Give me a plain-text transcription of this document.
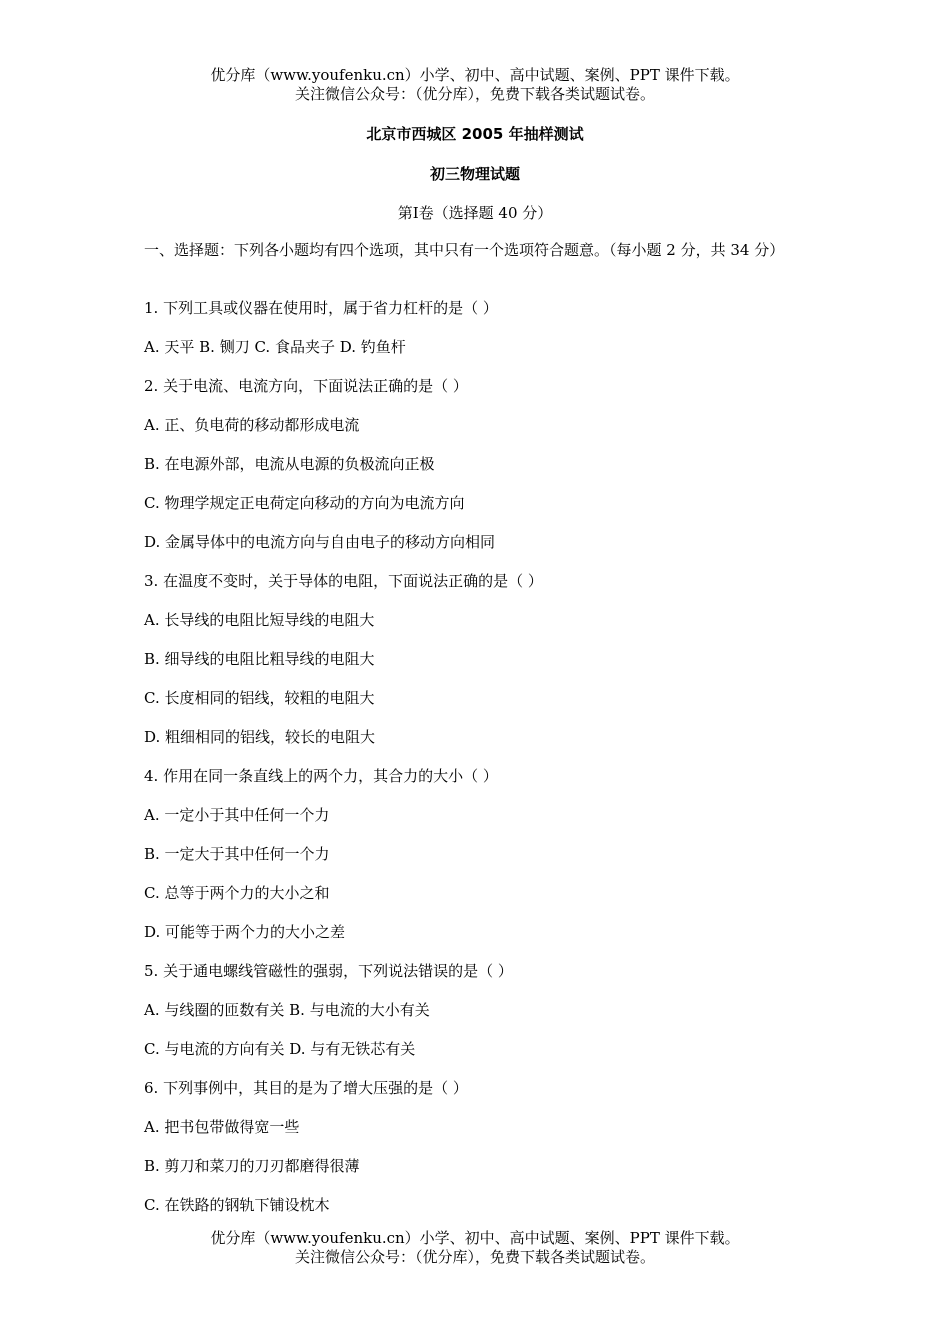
优分库（www.youfenku.cn）小学、初中、高中试题、案例、PPT 课件下载。

关注微信公众号：（优分库），免费下载各类试题试卷。

北京市西城区 2005 年抽样测试
初三物理试题
第Ⅰ卷（选择题 40 分）
一、选择题：下列各小题均有四个选项，其中只有一个选项符合题意。（每小题 2 分，共 34 分）
1. 下列工具或仪器在使用时，属于省力杠杆的是（ ）
A. 天平 B. 铡刀 C. 食品夹子 D. 钓鱼杆
2. 关于电流、电流方向，下面说法正确的是（ ）
A. 正、负电荷的移动都形成电流
B. 在电源外部，电流从电源的负极流向正极
C. 物理学规定正电荷定向移动的方向为电流方向
D. 金属导体中的电流方向与自由电子的移动方向相同
3. 在温度不变时，关于导体的电阻，下面说法正确的是（ ）
A. 长导线的电阻比短导线的电阻大
B. 细导线的电阻比粗导线的电阻大
C. 长度相同的铝线，较粗的电阻大
D. 粗细相同的铝线，较长的电阻大
4. 作用在同一条直线上的两个力，其合力的大小（ ）
A. 一定小于其中任何一个力
B. 一定大于其中任何一个力
C. 总等于两个力的大小之和
D. 可能等于两个力的大小之差
5. 关于通电螺线管磁性的强弱，下列说法错误的是（ ）
A. 与线圈的匝数有关 B. 与电流的大小有关
C. 与电流的方向有关 D. 与有无铁芯有关
6. 下列事例中，其目的是为了增大压强的是（ ）
A. 把书包带做得宽一些
B. 剪刀和菜刀的刀刃都磨得很薄
C. 在铁路的钢轨下铺设枕木

优分库（www.youfenku.cn）小学、初中、高中试题、案例、PPT 课件下载。

关注微信公众号：（优分库），免费下载各类试题试卷。
